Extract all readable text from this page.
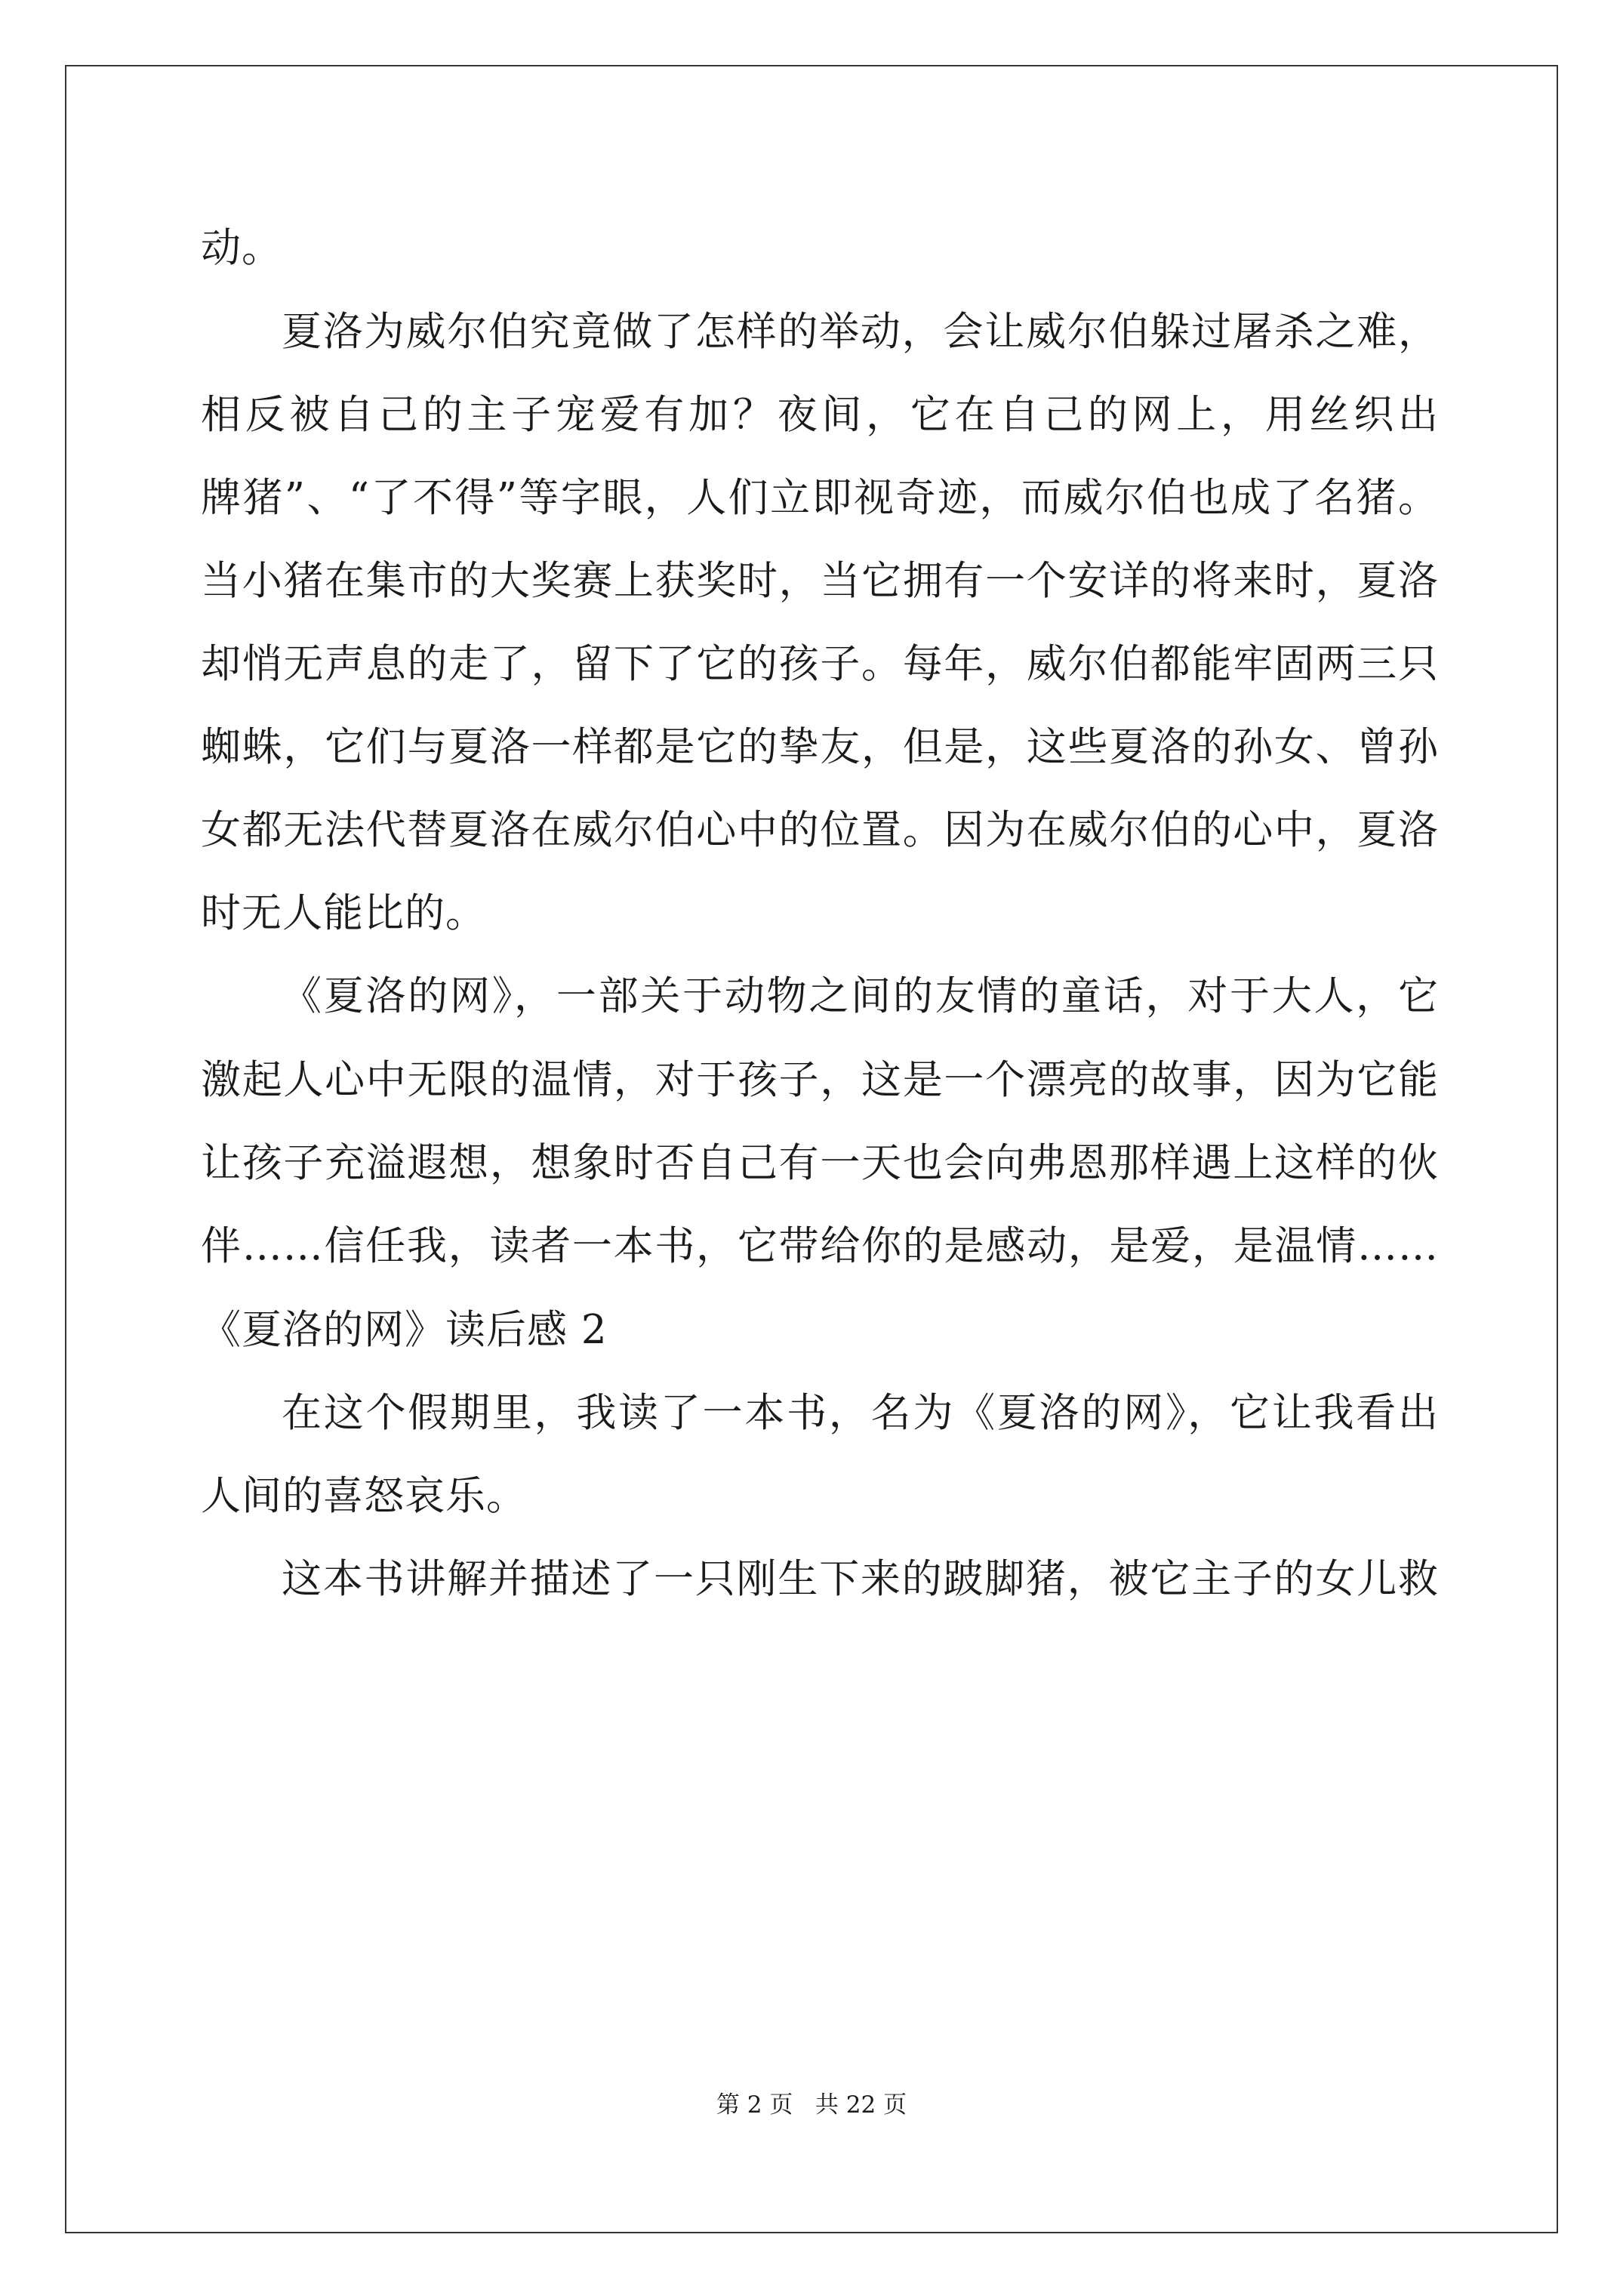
动。
夏洛为威尔伯究竟做了怎样的举动，会让威尔伯躲过屠杀之难，
相反被自己的主子宠爱有加？夜间，它在自己的网上，用丝织出
牌猪”、“了不得”等字眼，人们立即视奇迹，而威尔伯也成了名猪。
当小猪在集市的大奖赛上获奖时，当它拥有一个安详的将来时，夏洛
却悄无声息的走了，留下了它的孩子。每年，威尔伯都能牢固两三只
蜘蛛，它们与夏洛一样都是它的挚友，但是，这些夏洛的孙女、曾孙
女都无法代替夏洛在威尔伯心中的位置。因为在威尔伯的心中，夏洛
时无人能比的。
《夏洛的网》，一部关于动物之间的友情的童话，对于大人，它
激起人心中无限的温情，对于孩子，这是一个漂亮的故事，因为它能
让孩子充溢遐想，想象时否自己有一天也会向弗恩那样遇上这样的伙
伴……信任我，读者一本书，它带给你的是感动，是爱，是温情……
《夏洛的网》读后感 2
在这个假期里，我读了一本书，名为《夏洛的网》，它让我看出
人间的喜怒哀乐。
这本书讲解并描述了一只刚生下来的跛脚猪，被它主子的女儿救
第 2 页 共 22 页
